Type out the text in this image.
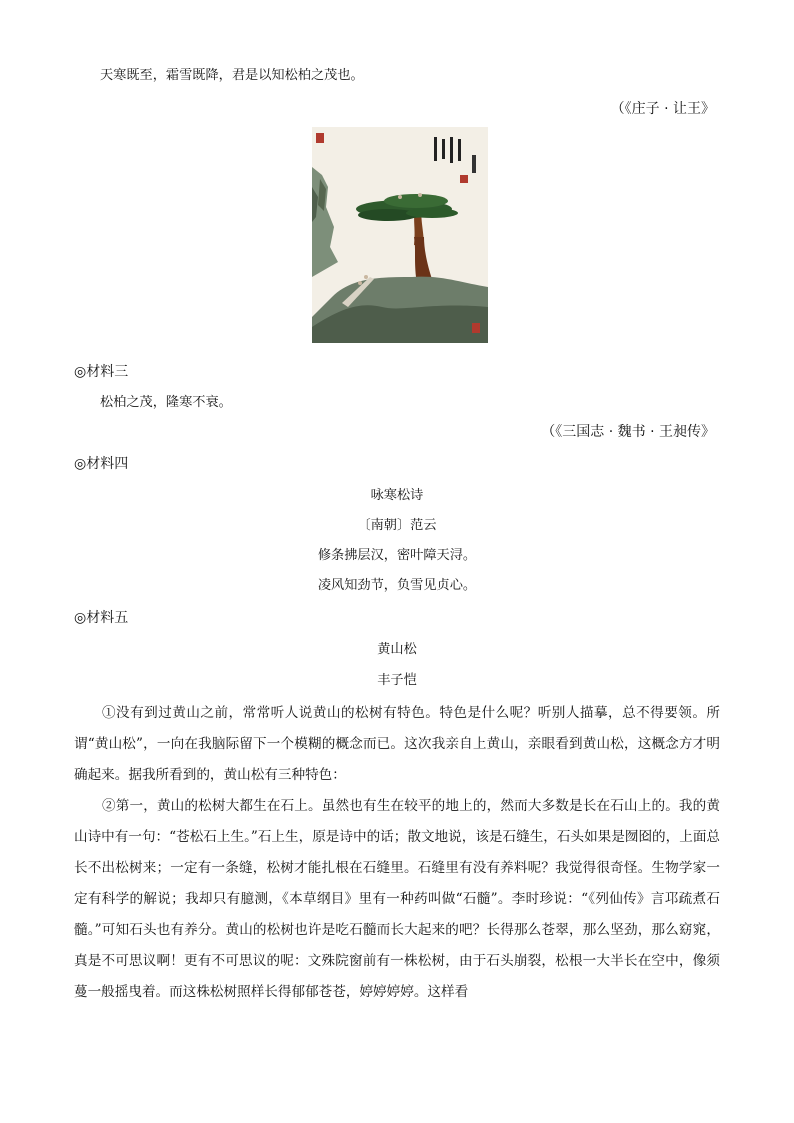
天寒既至，霜雪既降，君是以知松柏之茂也。
（《庄子 · 让王》
◎材料三
松柏之茂，隆寒不衰。
（《三国志 · 魏书 · 王昶传》
◎材料四
咏寒松诗
〔南朝〕范云
修条拂层汉，密叶障天浔。
凌风知劲节，负雪见贞心。
◎材料五
黄山松
丰子恺

①没有到过黄山之前，常常听人说黄山的松树有特色。特色是什么呢？听别人描摹，总不得要领。所谓“黄山松”，一向在我脑际留下一个模糊的概念而已。这次我亲自上黄山，亲眼看到黄山松，这概念方才明确起来。据我所看到的，黄山松有三种特色：

②第一，黄山的松树大都生在石上。虽然也有生在较平的地上的，然而大多数是长在石山上的。我的黄山诗中有一句：“苍松石上生。”石上生，原是诗中的话；散文地说，该是石缝生，石头如果是囫囵的，上面总长不出松树来；一定有一条缝，松树才能扎根在石缝里。石缝里有没有养料呢？我觉得很奇怪。生物学家一定有科学的解说；我却只有臆测，《本草纲目》里有一种药叫做“石髓”。李时珍说：“《列仙传》言邛疏煮石髓。”可知石头也有养分。黄山的松树也许是吃石髓而长大起来的吧？长得那么苍翠，那么坚劲，那么窈窕，真是不可思议啊！更有不可思议的呢：文殊院窗前有一株松树，由于石头崩裂，松根一大半长在空中，像须蔓一般摇曳着。而这株松树照样长得郁郁苍苍，婷婷婷婷。这样看
